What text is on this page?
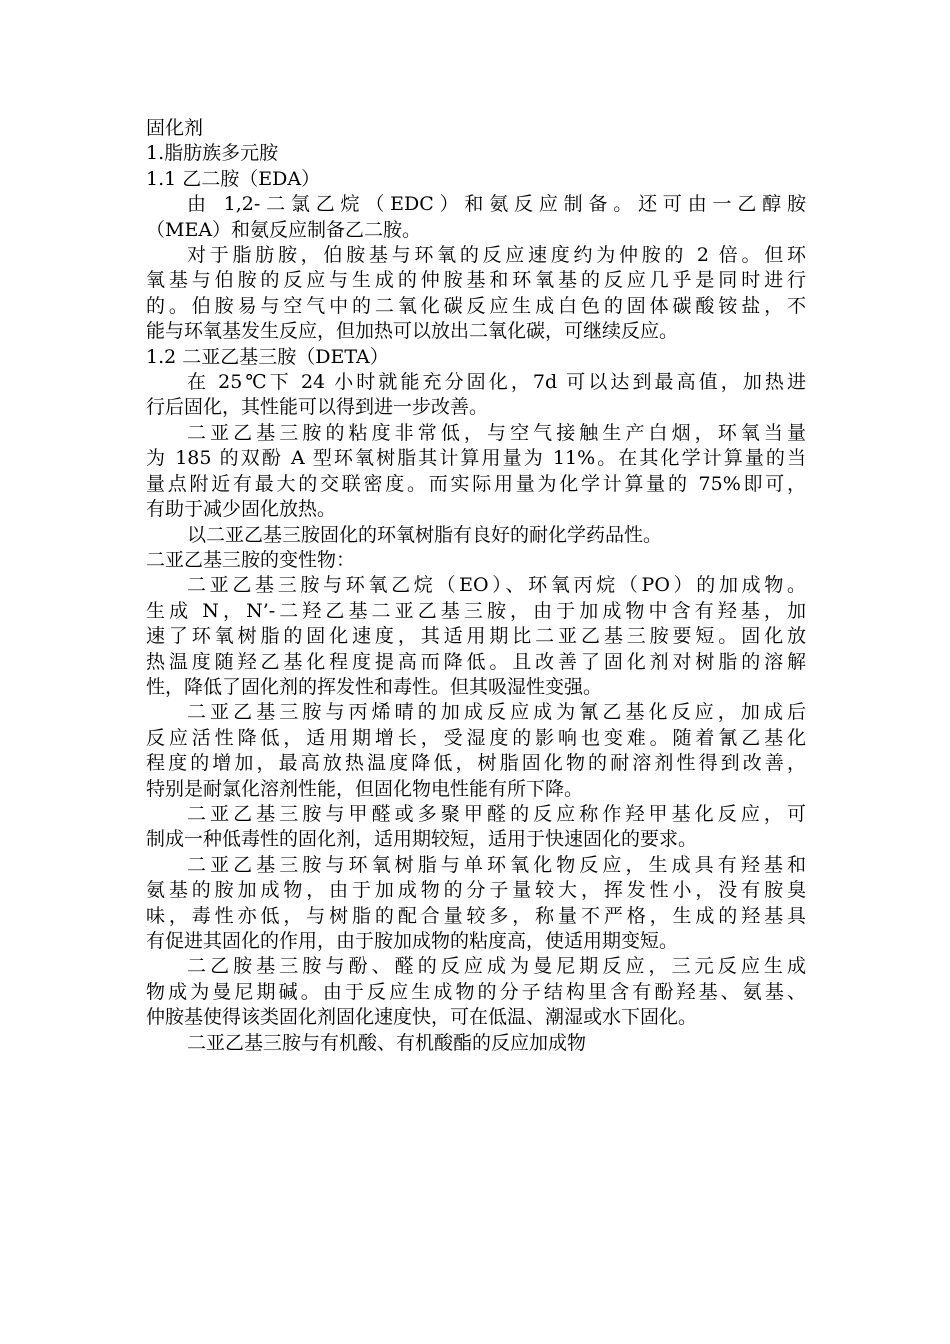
固化剂
1.脂肪族多元胺
1.1 乙二胺（EDA）
由 1,2-二氯乙烷（EDC）和氨反应制备。还可由一乙醇胺
（MEA）和氨反应制备乙二胺。
对于脂肪胺，伯胺基与环氧的反应速度约为仲胺的 2 倍。但环
氧基与伯胺的反应与生成的仲胺基和环氧基的反应几乎是同时进行
的。伯胺易与空气中的二氧化碳反应生成白色的固体碳酸铵盐，不
能与环氧基发生反应，但加热可以放出二氧化碳，可继续反应。
1.2 二亚乙基三胺（DETA）
在 25℃下 24 小时就能充分固化，7d 可以达到最高值，加热进
行后固化，其性能可以得到进一步改善。
二亚乙基三胺的粘度非常低，与空气接触生产白烟，环氧当量
为 185 的双酚 A 型环氧树脂其计算用量为 11%。在其化学计算量的当
量点附近有最大的交联密度。而实际用量为化学计算量的 75%即可，
有助于减少固化放热。
以二亚乙基三胺固化的环氧树脂有良好的耐化学药品性。
二亚乙基三胺的变性物：
二亚乙基三胺与环氧乙烷（EO）、环氧丙烷（PO）的加成物。
生成 N，N’-二羟乙基二亚乙基三胺，由于加成物中含有羟基，加
速了环氧树脂的固化速度，其适用期比二亚乙基三胺要短。固化放
热温度随羟乙基化程度提高而降低。且改善了固化剂对树脂的溶解
性，降低了固化剂的挥发性和毒性。但其吸湿性变强。
二亚乙基三胺与丙烯晴的加成反应成为氰乙基化反应，加成后
反应活性降低，适用期增长，受湿度的影响也变难。随着氰乙基化
程度的增加，最高放热温度降低，树脂固化物的耐溶剂性得到改善，
特别是耐氯化溶剂性能，但固化物电性能有所下降。
二亚乙基三胺与甲醛或多聚甲醛的反应称作羟甲基化反应，可
制成一种低毒性的固化剂，适用期较短，适用于快速固化的要求。
二亚乙基三胺与环氧树脂与单环氧化物反应，生成具有羟基和
氨基的胺加成物，由于加成物的分子量较大，挥发性小，没有胺臭
味，毒性亦低，与树脂的配合量较多，称量不严格，生成的羟基具
有促进其固化的作用，由于胺加成物的粘度高，使适用期变短。
二乙胺基三胺与酚、醛的反应成为曼尼期反应，三元反应生成
物成为曼尼期碱。由于反应生成物的分子结构里含有酚羟基、氨基、
仲胺基使得该类固化剂固化速度快，可在低温、潮湿或水下固化。
二亚乙基三胺与有机酸、有机酸酯的反应加成物
